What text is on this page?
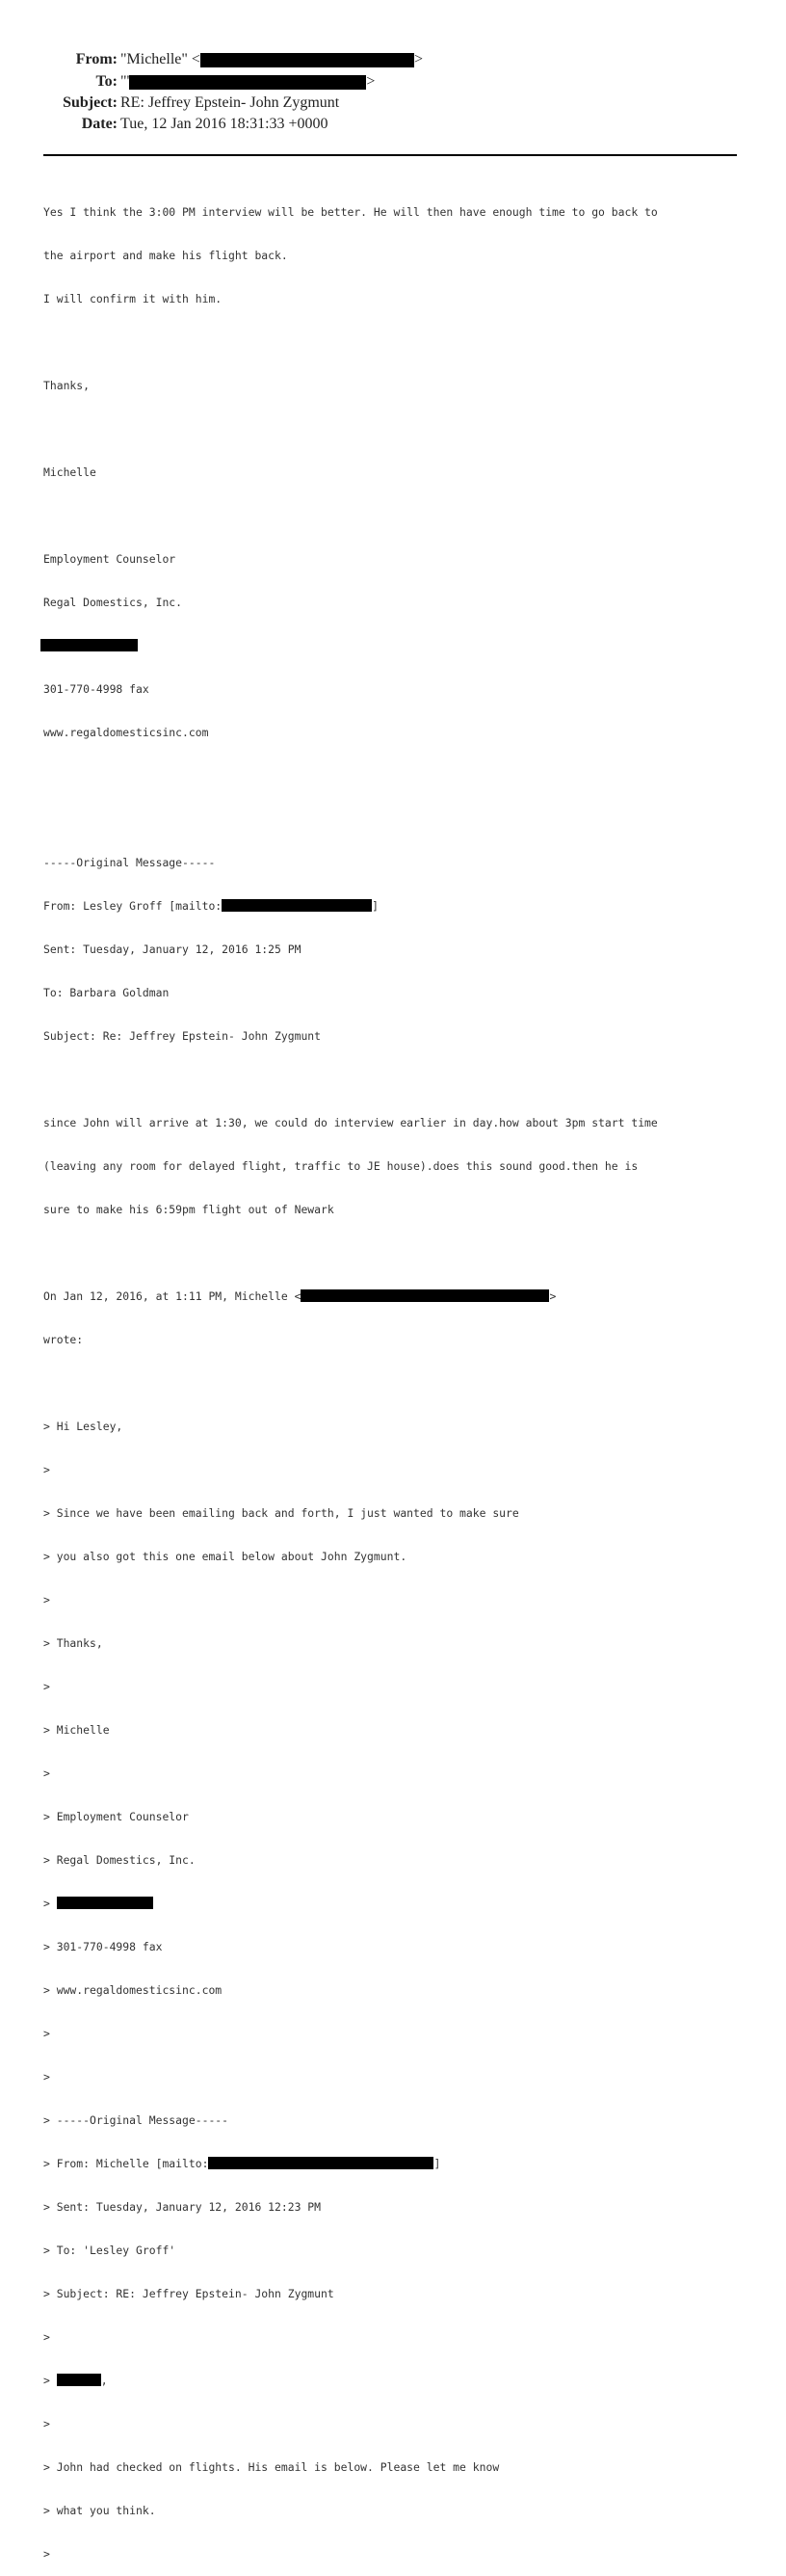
From: "Michelle" <	>
To: "'	>
Subject: RE: Jeffrey Epstein- John Zygmunt
Date: Tue, 12 Jan 2016 18:31:33 +0000

Yes I think the 3:00 PM interview will be better. He will then have enough time to go back to

the airport and make his flight back.

I will confirm it with him.

Thanks,

Michelle

Employment Counselor

Regal Domestics, Inc.

301-770-4998 fax

www.regaldomesticsinc.com

-----Original Message-----

From: Lesley Groff [mailto:	]

Sent: Tuesday, January 12, 2016 1:25 PM

To: Barbara Goldman

Subject: Re: Jeffrey Epstein- John Zygmunt

since John will arrive at 1:30, we could do interview earlier in day.how about 3pm start time

(leaving any room for delayed flight, traffic to JE house).does this sound good.then he is

sure to make his 6:59pm flight out of Newark

On Jan 12, 2016, at 1:11 PM, Michelle <	>

wrote:

> Hi Lesley,

>

> Since we have been emailing back and forth, I just wanted to make sure

> you also got this one email below about John Zygmunt.

>

> Thanks,

>

> Michelle

>

> Employment Counselor

> Regal Domestics, Inc.

>

> 301-770-4998 fax

> www.regaldomesticsinc.com

>

>

> -----Original Message-----

> From: Michelle [mailto:	]

> Sent: Tuesday, January 12, 2016 12:23 PM

> To: 'Lesley Groff'

> Subject: RE: Jeffrey Epstein- John Zygmunt

>

>	,

>

> John had checked on flights. His email is below. Please let me know

> what you think.

>
